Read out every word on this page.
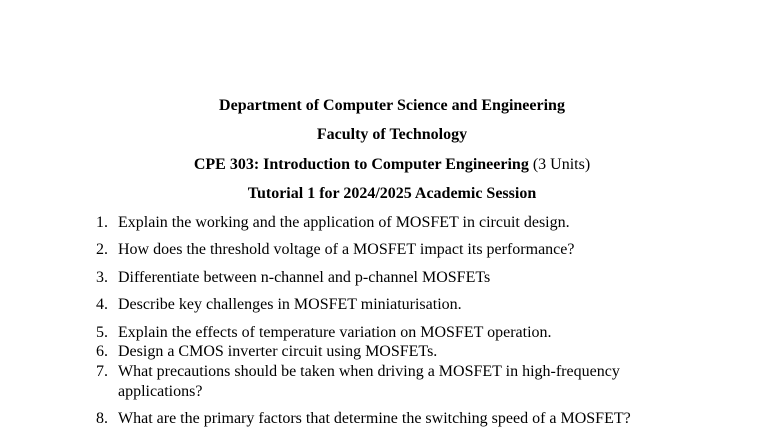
Department of Computer Science and Engineering
Faculty of Technology
CPE 303: Introduction to Computer Engineering (3 Units)
Tutorial 1 for 2024/2025 Academic Session
1. Explain the working and the application of MOSFET in circuit design.
2. How does the threshold voltage of a MOSFET impact its performance?
3. Differentiate between n-channel and p-channel MOSFETs
4. Describe key challenges in MOSFET miniaturisation.
5. Explain the effects of temperature variation on MOSFET operation.
6. Design a CMOS inverter circuit using MOSFETs.
7. What precautions should be taken when driving a MOSFET in high-frequency
applications?
8. What are the primary factors that determine the switching speed of a MOSFET?
